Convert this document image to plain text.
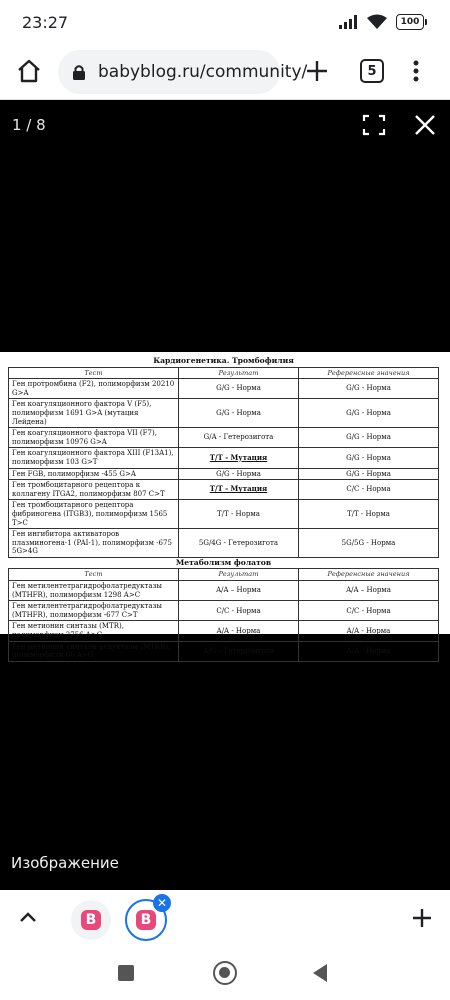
23:27	100
babyblog.ru/community/	5
1 / 8
Кардиогенетика. Тромбофилия		
Тест	Результат	Референсные значения
Ген протромбина (F2), полиморфизм 20210 G>A	G/G - Норма	G/G - Норма
Ген коагуляционного фактора V (F5), полиморфизм 1691 G>A (мутация Лейдена)	G/G - Норма	G/G - Норма
Ген коагуляционного фактора VII (F7), полиморфизм 10976 G>A	G/A - Гетерозигота	G/G - Норма
Ген коагуляционного фактора XIII (F13A1), полиморфизм 103 G>T	T/T - Мутация	G/G - Норма
Ген FGB, полиморфизм -455 G>A	G/G - Норма	G/G - Норма
Ген тромбоцитарного рецептора к коллагену ITGA2, полиморфизм 807 C>T	T/T - Мутация	C/C - Норма
Ген тромбоцитарного рецептора фибриногена (ITGB3), полиморфизм 1565 T>C	T/T - Норма	T/T - Норма
Ген ингибитора активаторов плазминогена-1 (PAI-1), полиморфизм -675 5G>4G	5G/4G - Гетерозигота	5G/5G - Норма
Метаболизм фолатов		
Тест	Результат	Референсные значения
Ген метилентетрагидрофолатредуктазы (MTHFR), полиморфизм 1298 A>C	A/A – Норма	A/A – Норма
Ген метилентетрагидрофолатредуктазы (MTHFR), полиморфизм -677 C>T	C/C - Норма	C/C - Норма
Ген метионин синтазы (MTR), полиморфизм 2756 A>G	A/A - Норма	A/A - Норма
Ген метионин синтазы редуктазы (MTRR), полиморфизм 66 A>G	A/G – Гетерозигота	A/A - Норма
Изображение
B	B
✕
